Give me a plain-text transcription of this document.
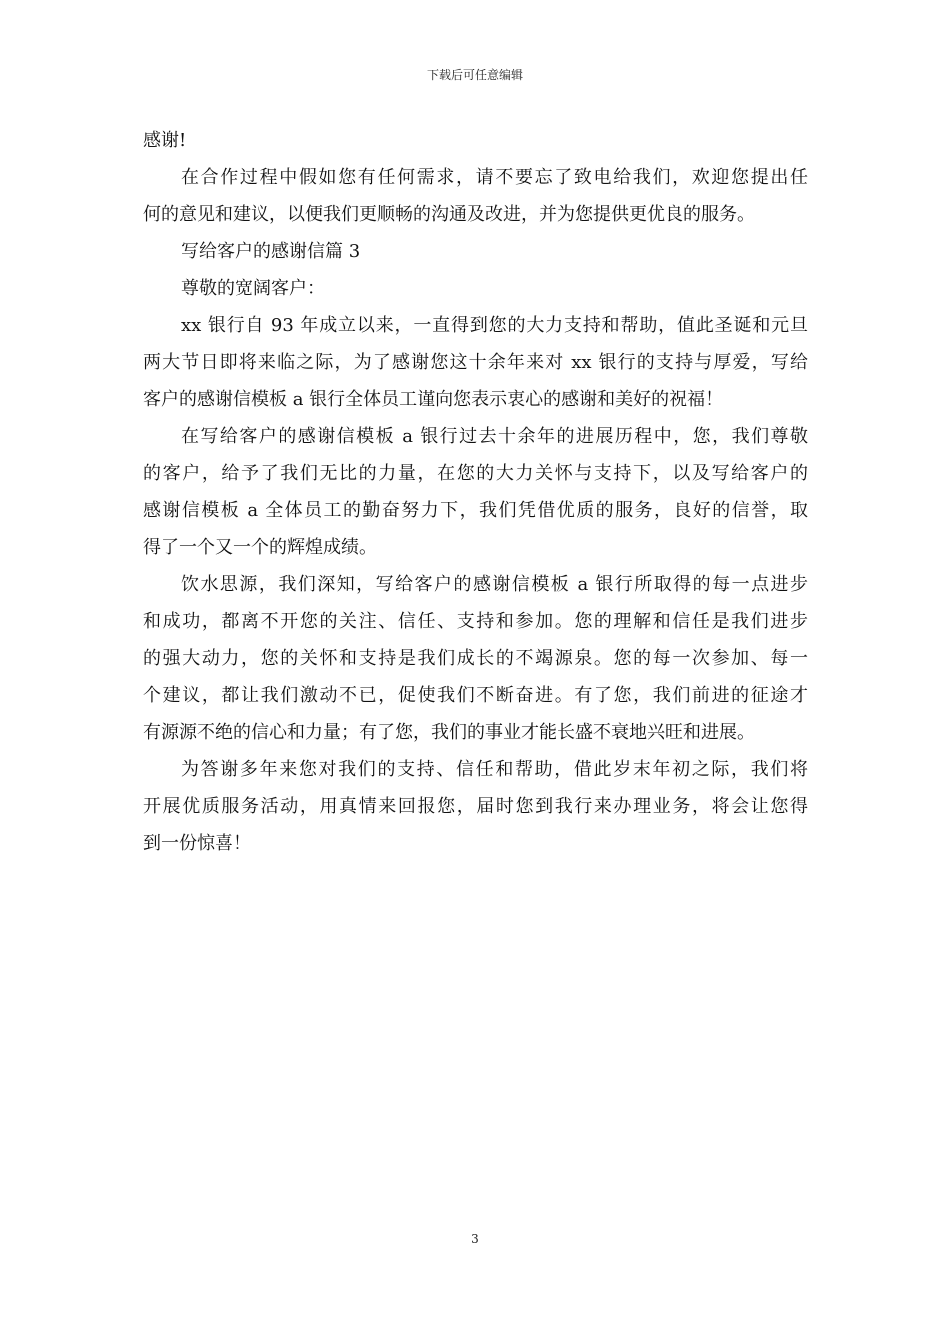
下载后可任意编辑
感谢!
在合作过程中假如您有任何需求，请不要忘了致电给我们，欢迎您提出任
何的意见和建议，以便我们更顺畅的沟通及改进，并为您提供更优良的服务。
写给客户的感谢信篇 3
尊敬的宽阔客户：
xx 银行自 93 年成立以来，一直得到您的大力支持和帮助，值此圣诞和元旦
两大节日即将来临之际，为了感谢您这十余年来对 xx 银行的支持与厚爱，写给
客户的感谢信模板 a 银行全体员工谨向您表示衷心的感谢和美好的祝福！
在写给客户的感谢信模板 a 银行过去十余年的进展历程中，您，我们尊敬
的客户，给予了我们无比的力量，在您的大力关怀与支持下，以及写给客户的
感谢信模板 a 全体员工的勤奋努力下，我们凭借优质的服务，良好的信誉，取
得了一个又一个的辉煌成绩。
饮水思源，我们深知，写给客户的感谢信模板 a 银行所取得的每一点进步
和成功，都离不开您的关注、信任、支持和参加。您的理解和信任是我们进步
的强大动力，您的关怀和支持是我们成长的不竭源泉。您的每一次参加、每一
个建议，都让我们激动不已，促使我们不断奋进。有了您，我们前进的征途才
有源源不绝的信心和力量；有了您，我们的事业才能长盛不衰地兴旺和进展。
为答谢多年来您对我们的支持、信任和帮助，借此岁末年初之际，我们将
开展优质服务活动，用真情来回报您，届时您到我行来办理业务，将会让您得
到一份惊喜！
3
